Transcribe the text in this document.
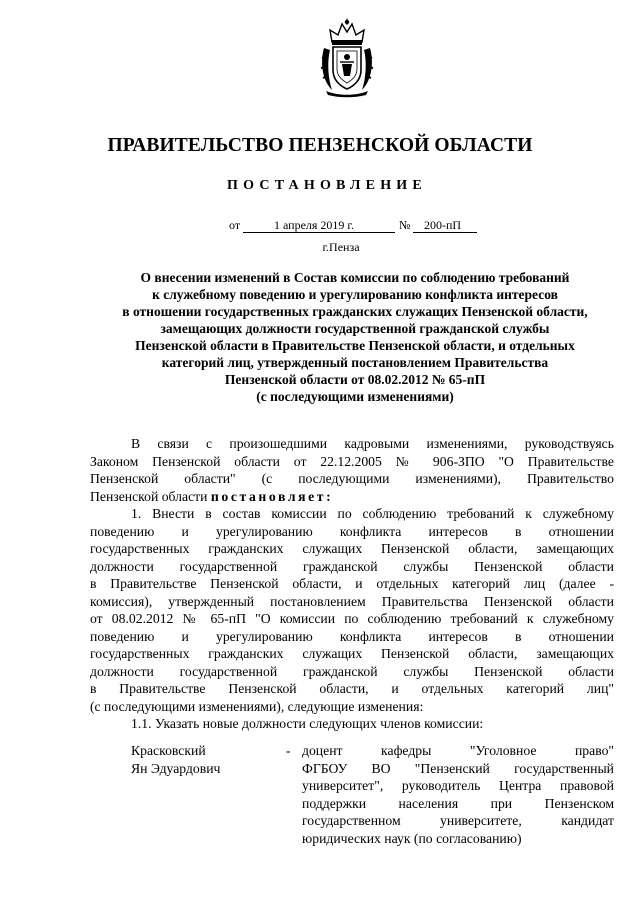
ПРАВИТЕЛЬСТВО ПЕНЗЕНСКОЙ ОБЛАСТИ
ПОСТАНОВЛЕНИЕ
от	1 апреля 2019 г.	№ 200-пП
г.Пенза
О внесении изменений в Состав комиссии по соблюдению требований
к служебному поведению и урегулированию конфликта интересов
в отношении государственных гражданских служащих Пензенской области,
замещающих должности государственной гражданской службы
Пензенской области в Правительстве Пензенской области, и отдельных
категорий лиц, утвержденный постановлением Правительства
Пензенской области от 08.02.2012 № 65-пП
(с последующими изменениями)
В связи с произошедшими кадровыми изменениями, руководствуясь
Законом Пензенской области от 22.12.2005 № 906-ЗПО "О Правительстве
Пензенской области" (с последующими изменениями), Правительство
Пензенской области постановляет:
1. Внести в состав комиссии по соблюдению требований к служебному
поведению и урегулированию конфликта интересов в отношении
государственных гражданских служащих Пензенской области, замещающих
должности государственной гражданской службы Пензенской области
в Правительстве Пензенской области, и отдельных категорий лиц (далее -
комиссия), утвержденный постановлением Правительства Пензенской области
от 08.02.2012 № 65-пП "О комиссии по соблюдению требований к служебному
поведению и урегулированию конфликта интересов в отношении
государственных гражданских служащих Пензенской области, замещающих
должности государственной гражданской службы Пензенской области
в Правительстве Пензенской области, и отдельных категорий лиц"
(с последующими изменениями), следующие изменения:
1.1. Указать новые должности следующих членов комиссии:
Красковский
Ян Эдуардович
- доцент кафедры "Уголовное право"
ФГБОУ ВО "Пензенский государственный
университет", руководитель Центра правовой
поддержки населения при Пензенском
государственном университете, кандидат
юридических наук (по согласованию)
